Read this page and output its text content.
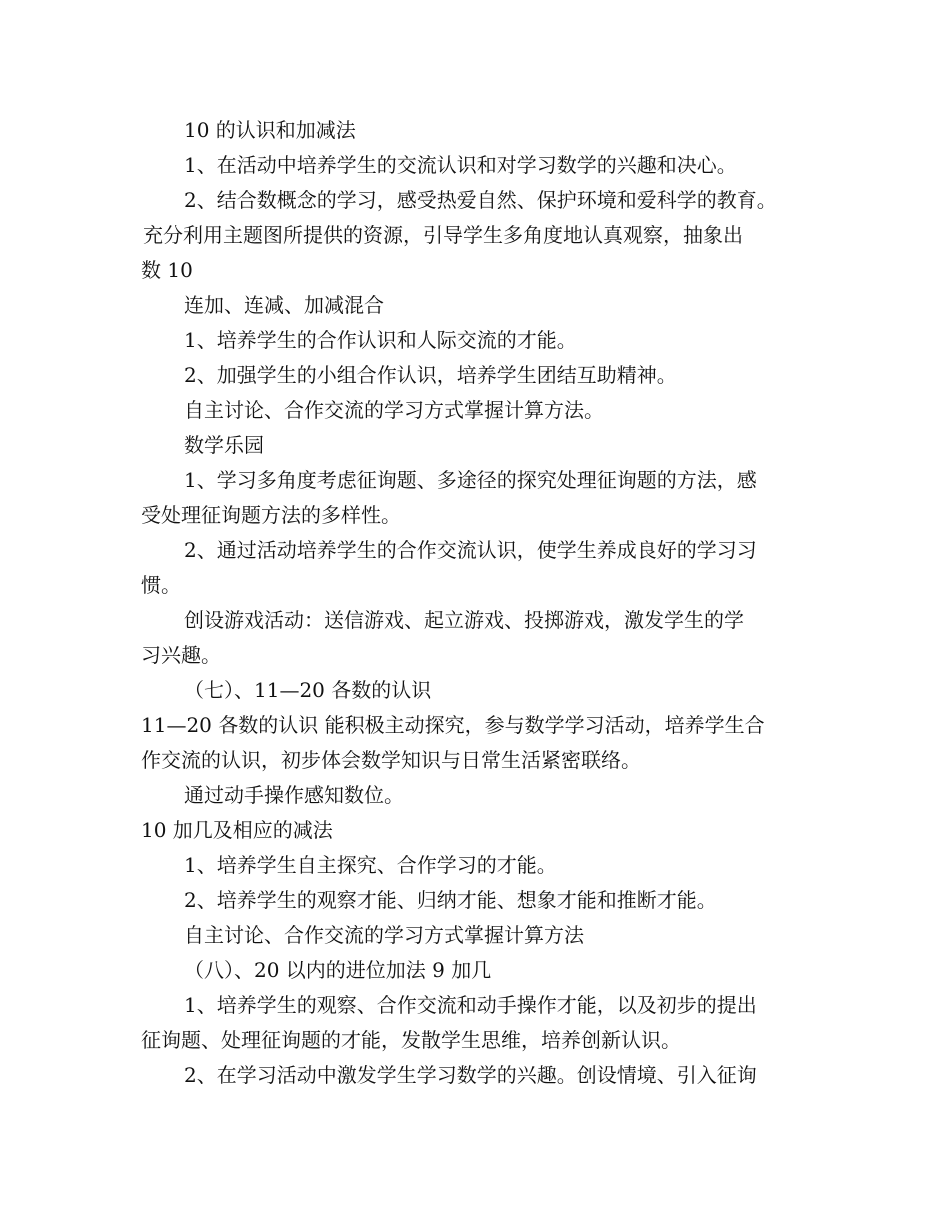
10 的认识和加减法
1、在活动中培养学生的交流认识和对学习数学的兴趣和决心。
2、结合数概念的学习，感受热爱自然、保护环境和爱科学的教育。
充分利用主题图所提供的资源，引导学生多角度地认真观察，抽象出
数 10
连加、连减、加减混合
1、培养学生的合作认识和人际交流的才能。
2、加强学生的小组合作认识，培养学生团结互助精神。
自主讨论、合作交流的学习方式掌握计算方法。
数学乐园
1、学习多角度考虑征询题、多途径的探究处理征询题的方法，感
受处理征询题方法的多样性。
2、通过活动培养学生的合作交流认识，使学生养成良好的学习习
惯。
创设游戏活动：送信游戏、起立游戏、投掷游戏，激发学生的学
习兴趣。
（七）、11—20 各数的认识
11—20 各数的认识 能积极主动探究，参与数学学习活动，培养学生合
作交流的认识，初步体会数学知识与日常生活紧密联络。
通过动手操作感知数位。
10 加几及相应的减法
1、培养学生自主探究、合作学习的才能。
2、培养学生的观察才能、归纳才能、想象才能和推断才能。
自主讨论、合作交流的学习方式掌握计算方法
（八）、20 以内的进位加法 9 加几
1、培养学生的观察、合作交流和动手操作才能，以及初步的提出
征询题、处理征询题的才能，发散学生思维，培养创新认识。
2、在学习活动中激发学生学习数学的兴趣。创设情境、引入征询
